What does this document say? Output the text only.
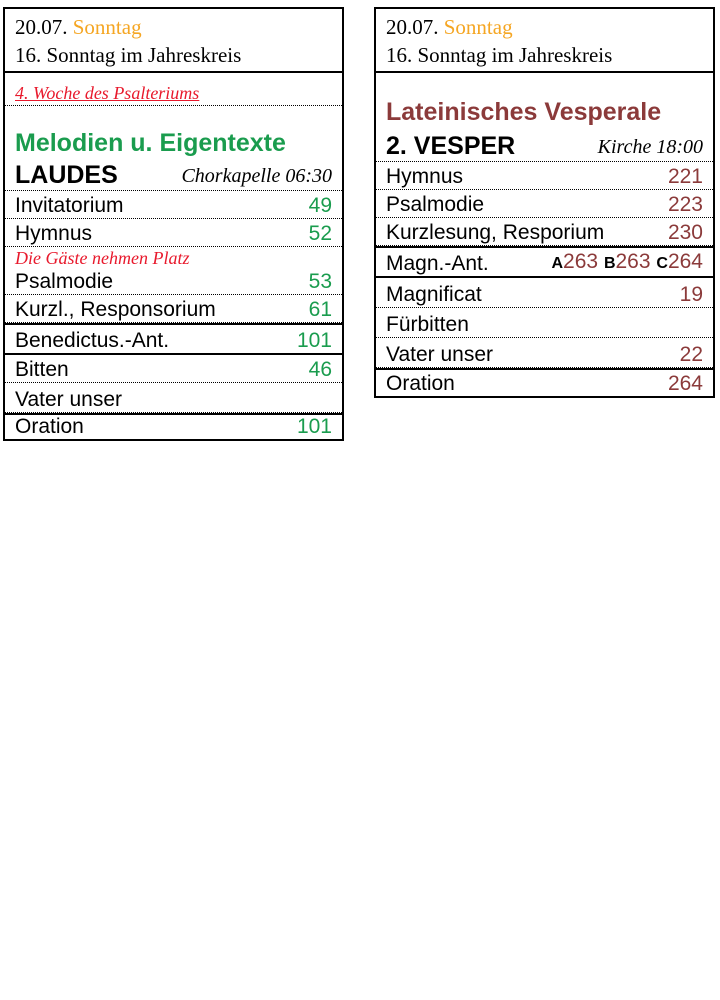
20.07. Sonntag
16. Sonntag im Jahreskreis
4. Woche des Psalteriums
Melodien u. Eigentexte
LAUDES	Chorkapelle 06:30
Invitatorium	49
Hymnus	52
Die Gäste nehmen Platz
Psalmodie	53
Kurzl., Responsorium	61
Benedictus.-Ant.	101
Bitten	46
Vater unser
Oration	101
20.07. Sonntag
16. Sonntag im Jahreskreis
Lateinisches Vesperale
2. VESPER	Kirche 18:00
Hymnus	221
Psalmodie	223
Kurzlesung, Resporium	230
Magn.-Ant.	A263 B263 C264
Magnificat	19
Fürbitten
Vater unser	22
Oration	264
